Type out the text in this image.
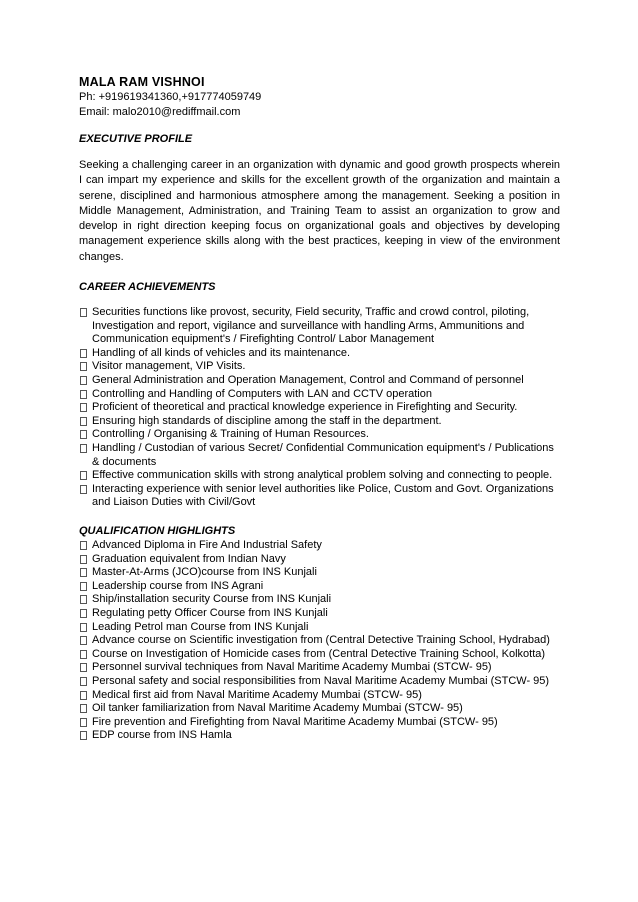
MALA RAM VISHNOI

Ph: +919619341360,+917774059749

Email: malo2010@rediffmail.com

EXECUTIVE PROFILE

Seeking a challenging career in an organization with dynamic and good growth prospects wherein I can impart my experience and skills for the excellent growth of the organization and maintain a serene, disciplined and harmonious atmosphere among the management. Seeking a position in Middle Management, Administration, and Training Team to assist an organization to grow and develop in right direction keeping focus on organizational goals and objectives by developing management experience skills along with the best practices, keeping in view of the environment changes.

CAREER ACHIEVEMENTS

Securities functions like provost, security, Field security, Traffic and crowd control, piloting, Investigation and report, vigilance and surveillance with handling Arms, Ammunitions and Communication equipment's / Firefighting Control/ Labor Management
Handling of all kinds of vehicles and its maintenance.
Visitor management, VIP Visits.
General Administration and Operation Management, Control and Command of personnel
Controlling and Handling of Computers with LAN and CCTV operation
Proficient of theoretical and practical knowledge experience in Firefighting and Security.
Ensuring high standards of discipline among the staff in the department.
Controlling / Organising & Training of Human Resources.
Handling / Custodian of various Secret/ Confidential Communication equipment's / Publications & documents
Effective communication skills with strong analytical problem solving and connecting to people.
Interacting experience with senior level authorities like Police, Custom and Govt. Organizations and Liaison Duties with Civil/Govt

QUALIFICATION HIGHLIGHTS

Advanced Diploma in Fire And Industrial Safety
Graduation equivalent from Indian Navy
Master-At-Arms (JCO)course from INS Kunjali
Leadership course from INS Agrani
Ship/installation security Course from INS Kunjali
Regulating petty Officer Course from INS Kunjali
Leading Petrol man Course from INS Kunjali
Advance course on Scientific investigation from (Central Detective Training School, Hydrabad)
Course on Investigation of Homicide cases from (Central Detective Training School, Kolkotta)
Personnel survival techniques from Naval Maritime Academy Mumbai (STCW- 95)
Personal safety and social responsibilities from Naval Maritime Academy Mumbai (STCW- 95)
Medical first aid from Naval Maritime Academy Mumbai (STCW- 95)
Oil tanker familiarization from Naval Maritime Academy Mumbai (STCW- 95)
Fire prevention and Firefighting from Naval Maritime Academy Mumbai (STCW- 95)
EDP course from INS Hamla
